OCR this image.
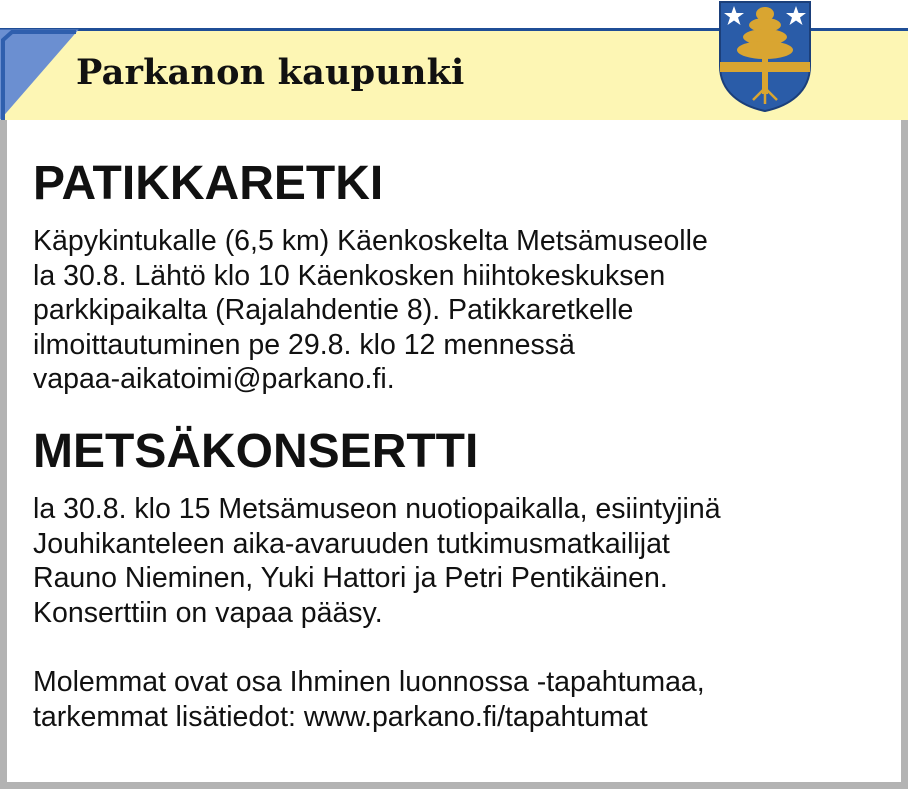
Parkanon kaupunki
PATIKKARETKI
Käpykintukalle (6,5 km) Käenkoskelta Metsämuseolle
la 30.8. Lähtö klo 10 Käenkosken hiihtokeskuksen
parkkipaikalta (Rajalahdentie 8). Patikkaretkelle
ilmoittautuminen pe 29.8. klo 12 mennessä
vapaa-aikatoimi@parkano.fi.
METSÄKONSERTTI
la 30.8. klo 15 Metsämuseon nuotiopaikalla, esiintyjinä
Jouhikanteleen aika-avaruuden tutkimusmatkailijat
Rauno Nieminen, Yuki Hattori ja Petri Pentikäinen.
Konserttiin on vapaa pääsy.
Molemmat ovat osa Ihminen luonnossa -tapahtumaa,
tarkemmat lisätiedot: www.parkano.fi/tapahtumat
